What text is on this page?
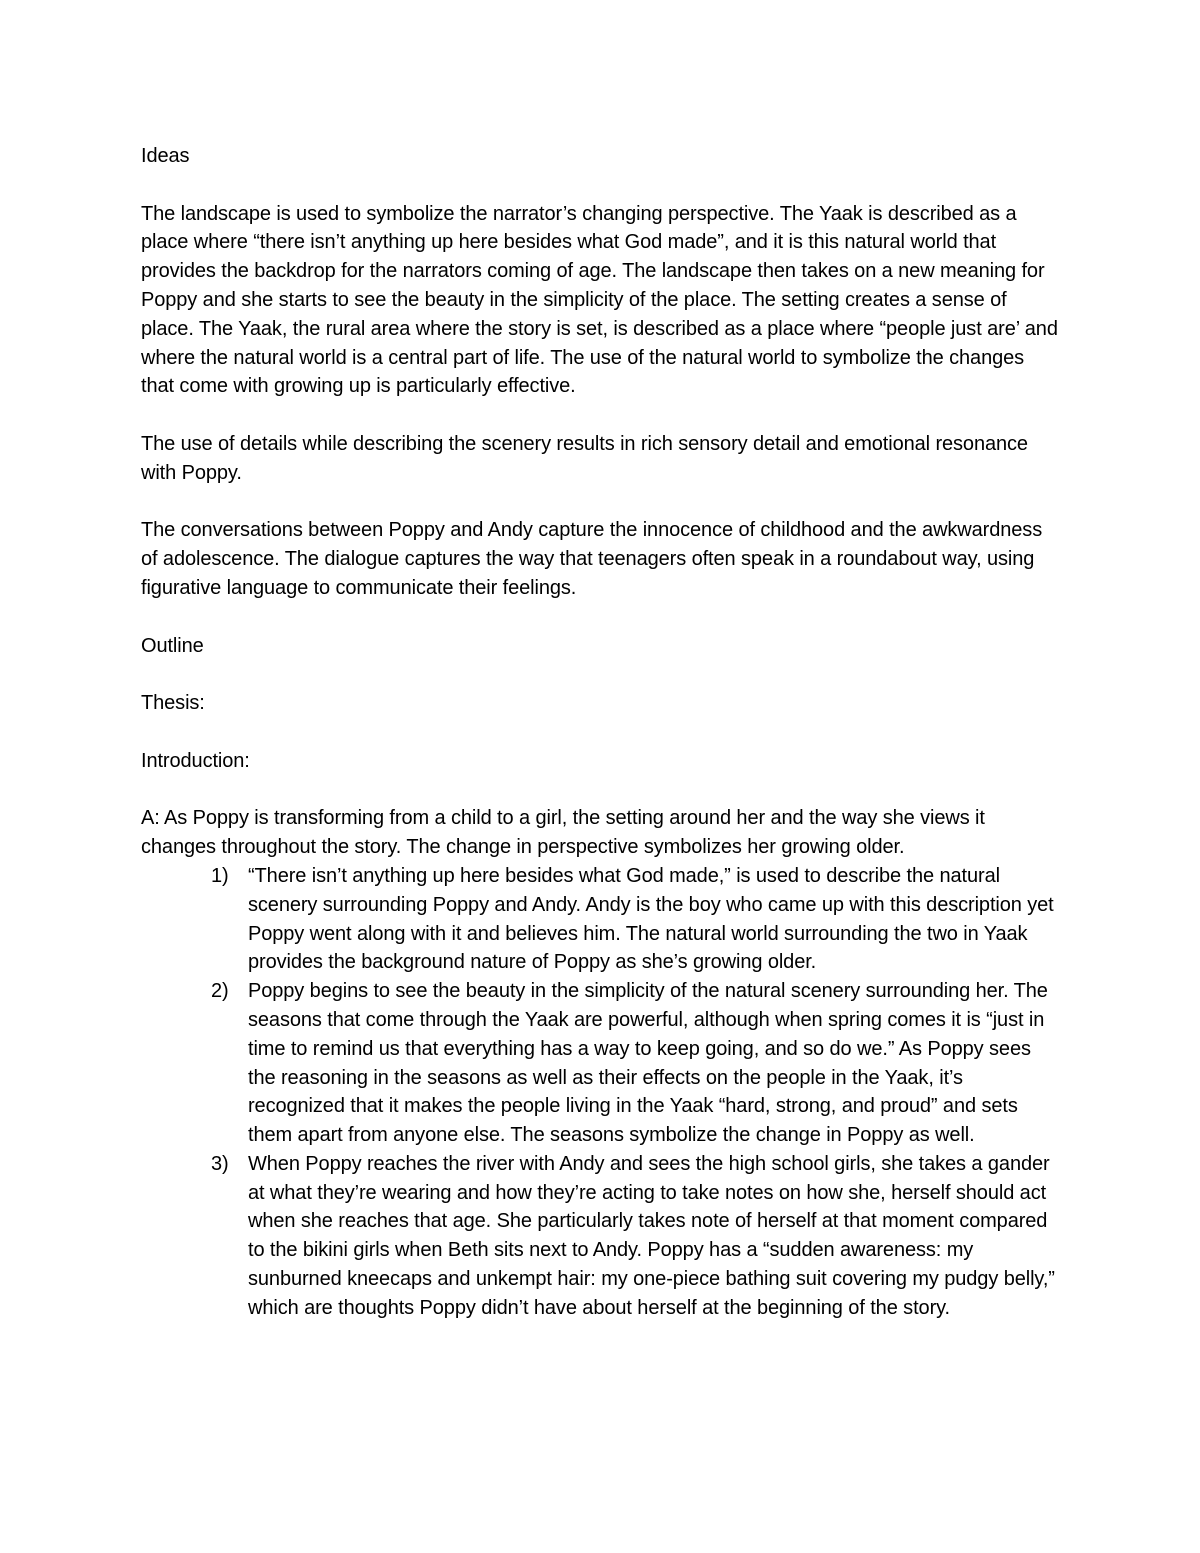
Ideas

The landscape is used to symbolize the narrator’s changing perspective. The Yaak is described as a place where “there isn’t anything up here besides what God made”, and it is this natural world that provides the backdrop for the narrators coming of age. The landscape then takes on a new meaning for Poppy and she starts to see the beauty in the simplicity of the place. The setting creates a sense of place. The Yaak, the rural area where the story is set, is described as a place where “people just are’ and where the natural world is a central part of life. The use of the natural world to symbolize the changes that come with growing up is particularly effective.

The use of details while describing the scenery results in rich sensory detail and emotional resonance with Poppy.

The conversations between Poppy and Andy capture the innocence of childhood and the awkwardness of adolescence. The dialogue captures the way that teenagers often speak in a roundabout way, using figurative language to communicate their feelings.

Outline

Thesis:

Introduction:

A: As Poppy is transforming from a child to a girl, the setting around her and the way she views it changes throughout the story. The change in perspective symbolizes her growing older.
1) “There isn’t anything up here besides what God made,” is used to describe the natural scenery surrounding Poppy and Andy. Andy is the boy who came up with this description yet Poppy went along with it and believes him. The natural world surrounding the two in Yaak provides the background nature of Poppy as she’s growing older.
2) Poppy begins to see the beauty in the simplicity of the natural scenery surrounding her. The seasons that come through the Yaak are powerful, although when spring comes it is “just in time to remind us that everything has a way to keep going, and so do we.” As Poppy sees the reasoning in the seasons as well as their effects on the people in the Yaak, it’s recognized that it makes the people living in the Yaak “hard, strong, and proud” and sets them apart from anyone else. The seasons symbolize the change in Poppy as well.
3) When Poppy reaches the river with Andy and sees the high school girls, she takes a gander at what they’re wearing and how they’re acting to take notes on how she, herself should act when she reaches that age. She particularly takes note of herself at that moment compared to the bikini girls when Beth sits next to Andy. Poppy has a “sudden awareness: my sunburned kneecaps and unkempt hair: my one-piece bathing suit covering my pudgy belly,” which are thoughts Poppy didn’t have about herself at the beginning of the story.
